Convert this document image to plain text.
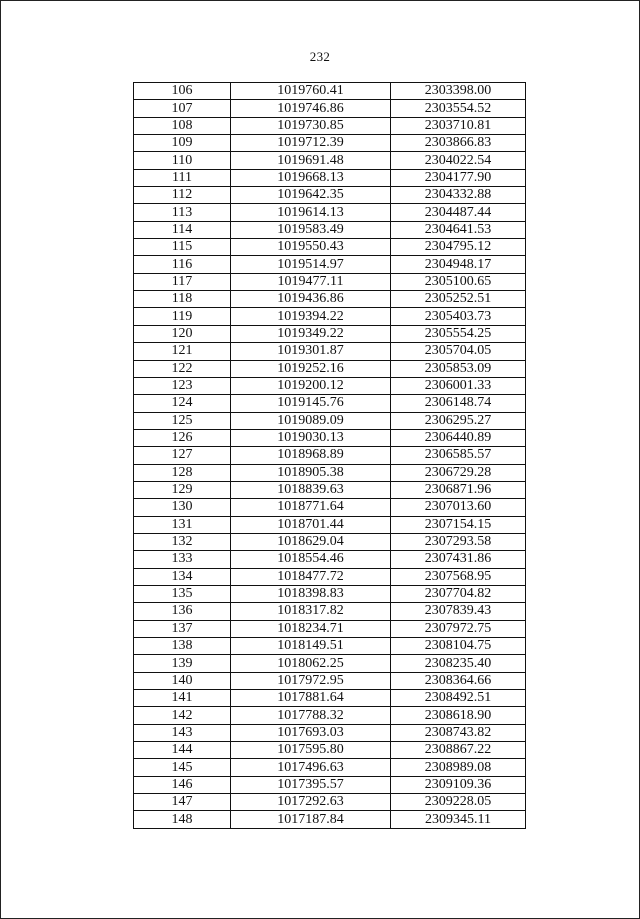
232
106	1019760.41	2303398.00
107	1019746.86	2303554.52
108	1019730.85	2303710.81
109	1019712.39	2303866.83
110	1019691.48	2304022.54
111	1019668.13	2304177.90
112	1019642.35	2304332.88
113	1019614.13	2304487.44
114	1019583.49	2304641.53
115	1019550.43	2304795.12
116	1019514.97	2304948.17
117	1019477.11	2305100.65
118	1019436.86	2305252.51
119	1019394.22	2305403.73
120	1019349.22	2305554.25
121	1019301.87	2305704.05
122	1019252.16	2305853.09
123	1019200.12	2306001.33
124	1019145.76	2306148.74
125	1019089.09	2306295.27
126	1019030.13	2306440.89
127	1018968.89	2306585.57
128	1018905.38	2306729.28
129	1018839.63	2306871.96
130	1018771.64	2307013.60
131	1018701.44	2307154.15
132	1018629.04	2307293.58
133	1018554.46	2307431.86
134	1018477.72	2307568.95
135	1018398.83	2307704.82
136	1018317.82	2307839.43
137	1018234.71	2307972.75
138	1018149.51	2308104.75
139	1018062.25	2308235.40
140	1017972.95	2308364.66
141	1017881.64	2308492.51
142	1017788.32	2308618.90
143	1017693.03	2308743.82
144	1017595.80	2308867.22
145	1017496.63	2308989.08
146	1017395.57	2309109.36
147	1017292.63	2309228.05
148	1017187.84	2309345.11
